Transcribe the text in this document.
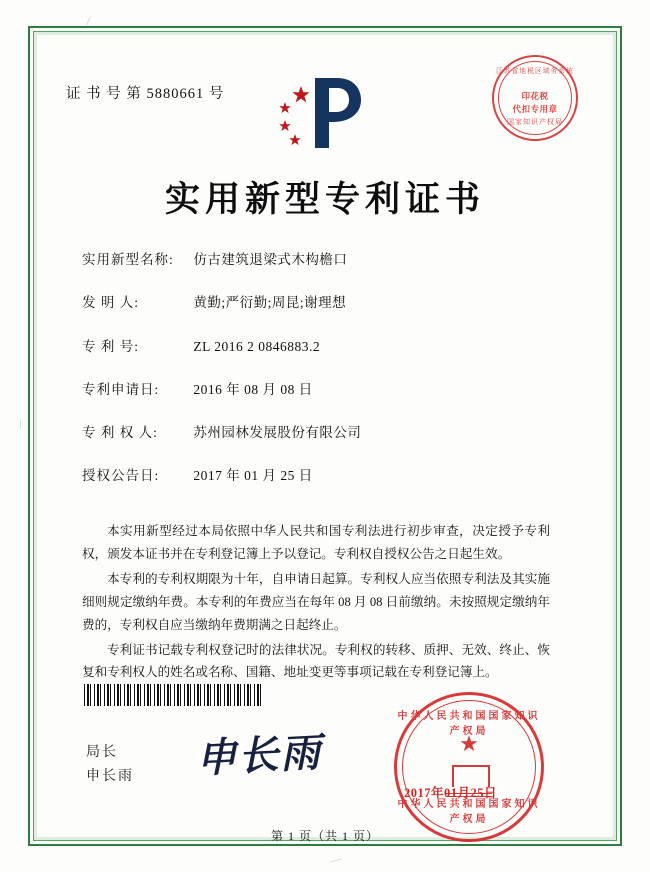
证 书 号 第 5880661 号
江苏省地税区域务系统
印花税
代扣专用章
国家知识产权局
实用新型专利证书
实用新型名称: 仿古建筑退梁式木构檐口
发 明 人:	黄勤;严衍勤;周昆;谢理想
专 利 号:	ZL 2016 2 0846883.2
专利申请日:	2016 年 08 月 08 日
专 利 权 人:	苏州园林发展股份有限公司
授权公告日:	2017 年 01 月 25 日

本实用新型经过本局依照中华人民共和国专利法进行初步审查，决定授予专利权，颁发本证书并在专利登记簿上予以登记。专利权自授权公告之日起生效。

本专利的专利权期限为十年，自申请日起算。专利权人应当依照专利法及其实施细则规定缴纳年费。本专利的年费应当在每年 08 月 08 日前缴纳。未按照规定缴纳年费的，专利权自应当缴纳年费期满之日起终止。

专利证书记载专利权登记时的法律状况。专利权的转移、质押、无效、终止、恢复和专利权人的姓名或名称、国籍、地址变更等事项记载在专利登记簿上。

局长
申长雨 申长雨
中华人民共和国国家知识产权局
★
中华人民共和国国家知识产权局
2017年01月25日
第 1 页（共 1 页）
